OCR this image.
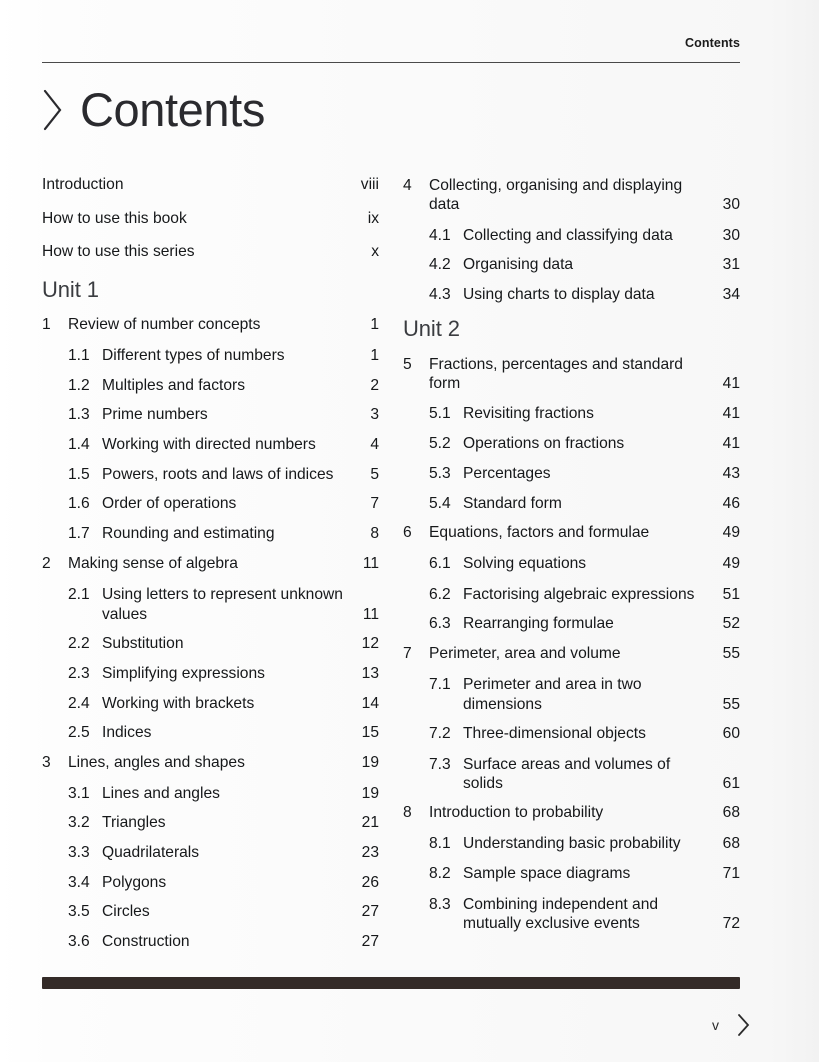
Contents
Contents
Introduction	viii
How to use this book	ix
How to use this series	x
Unit 1
1	Review of number concepts	1
1.1 Different types of numbers	1
1.2 Multiples and factors	2
1.3 Prime numbers	3
1.4 Working with directed numbers	4
1.5 Powers, roots and laws of indices	5
1.6 Order of operations	7
1.7 Rounding and estimating	8
2	Making sense of algebra	11
2.1 Using letters to represent unknown values	11
2.2 Substitution	12
2.3 Simplifying expressions	13
2.4 Working with brackets	14
2.5 Indices	15
3	Lines, angles and shapes	19
3.1 Lines and angles	19
3.2 Triangles	21
3.3 Quadrilaterals	23
3.4 Polygons	26
3.5 Circles	27
3.6 Construction	27
4	Collecting, organising and displaying data	30
4.1 Collecting and classifying data	30
4.2 Organising data	31
4.3 Using charts to display data	34
Unit 2
5	Fractions, percentages and standard form	41
5.1 Revisiting fractions	41
5.2 Operations on fractions	41
5.3 Percentages	43
5.4 Standard form	46
6	Equations, factors and formulae	49
6.1 Solving equations	49
6.2 Factorising algebraic expressions	51
6.3 Rearranging formulae	52
7	Perimeter, area and volume	55
7.1 Perimeter and area in two dimensions	55
7.2 Three-dimensional objects	60
7.3 Surface areas and volumes of solids	61
8	Introduction to probability	68
8.1 Understanding basic probability	68
8.2 Sample space diagrams	71
8.3 Combining independent and mutually exclusive events	72
v
